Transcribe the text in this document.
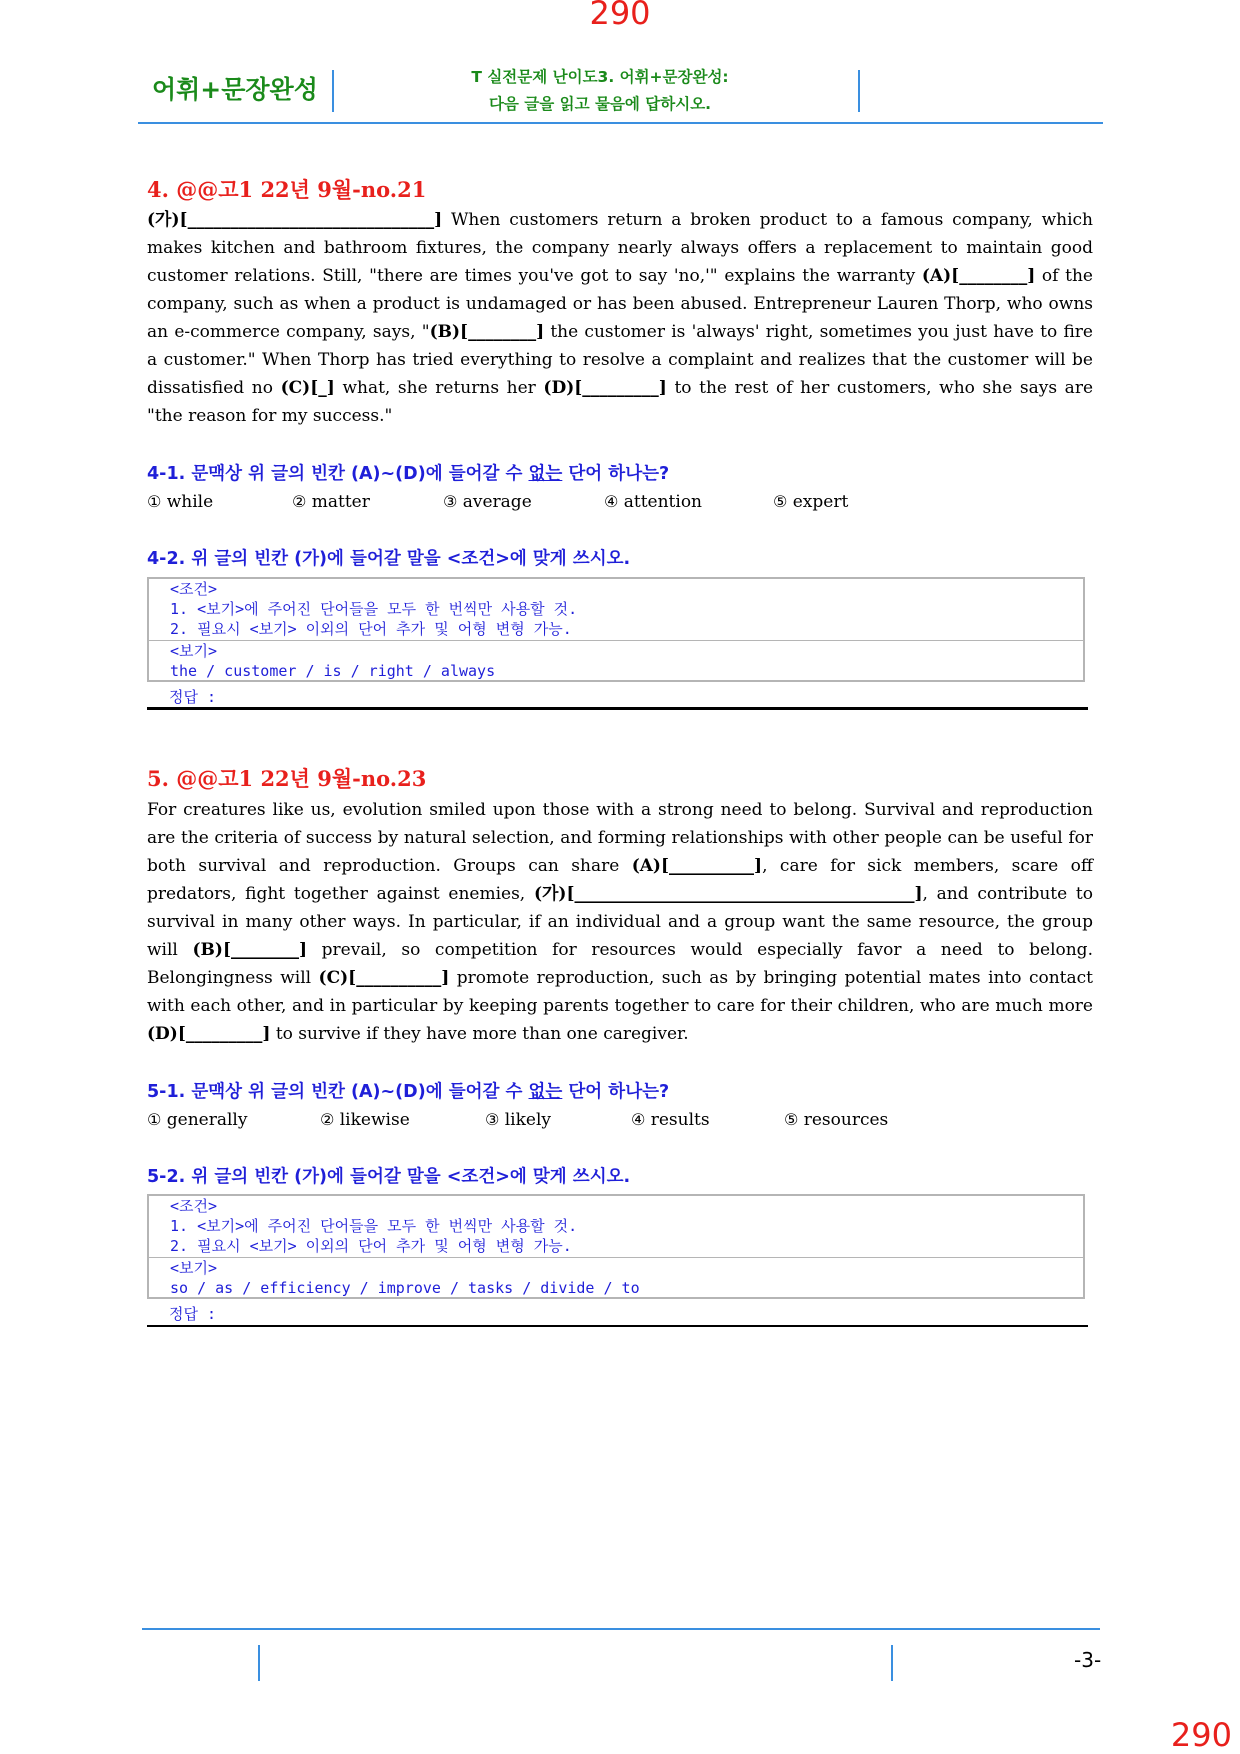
290
290
어휘+문장완성	T 실전문제 난이도3. 어휘+문장완성:
다음 글을 읽고 물음에 답하시오.
4. @@고1 22년 9월-no.21
(가)[_____________________________] When customers return a broken product to a famous company, which makes kitchen and bathroom fixtures, the company nearly always offers a replacement to maintain good customer relations. Still, "there are times you've got to say 'no,'" explains the warranty (A)[________] of the company, such as when a product is undamaged or has been abused. Entrepreneur Lauren Thorp, who owns an e-commerce company, says, "(B)[________] the customer is 'always' right, sometimes you just have to fire a customer." When Thorp has tried everything to resolve a complaint and realizes that the customer will be dissatisfied no (C)[_] what, she returns her (D)[_________] to the rest of her customers, who she says are "the reason for my success."
4-1. 문맥상 위 글의 빈칸 (A)~(D)에 들어갈 수 없는 단어 하나는?
① while	② matter	③ average	④ attention	⑤ expert
4-2. 위 글의 빈칸 (가)에 들어갈 말을 <조건>에 맞게 쓰시오.
<조건>
1. <보기>에 주어진 단어들을 모두 한 번씩만 사용할 것.
2. 필요시 <보기> 이외의 단어 추가 및 어형 변형 가능.
<보기>
the / customer / is / right / always
정답 :
5. @@고1 22년 9월-no.23
For creatures like us, evolution smiled upon those with a strong need to belong. Survival and reproduction are the criteria of success by natural selection, and forming relationships with other people can be useful for both survival and reproduction. Groups can share (A)[__________], care for sick members, scare off predators, fight together against enemies, (가)[________________________________________], and contribute to survival in many other ways. In particular, if an individual and a group want the same resource, the group will (B)[________] prevail, so competition for resources would especially favor a need to belong. Belongingness will (C)[__________] promote reproduction, such as by bringing potential mates into contact with each other, and in particular by keeping parents together to care for their children, who are much more (D)[_________] to survive if they have more than one caregiver.
5-1. 문맥상 위 글의 빈칸 (A)~(D)에 들어갈 수 없는 단어 하나는?
① generally	② likewise	③ likely	④ results	⑤ resources
5-2. 위 글의 빈칸 (가)에 들어갈 말을 <조건>에 맞게 쓰시오.
<조건>
1. <보기>에 주어진 단어들을 모두 한 번씩만 사용할 것.
2. 필요시 <보기> 이외의 단어 추가 및 어형 변형 가능.
<보기>
so / as / efficiency / improve / tasks / divide / to
정답 :
-3-
